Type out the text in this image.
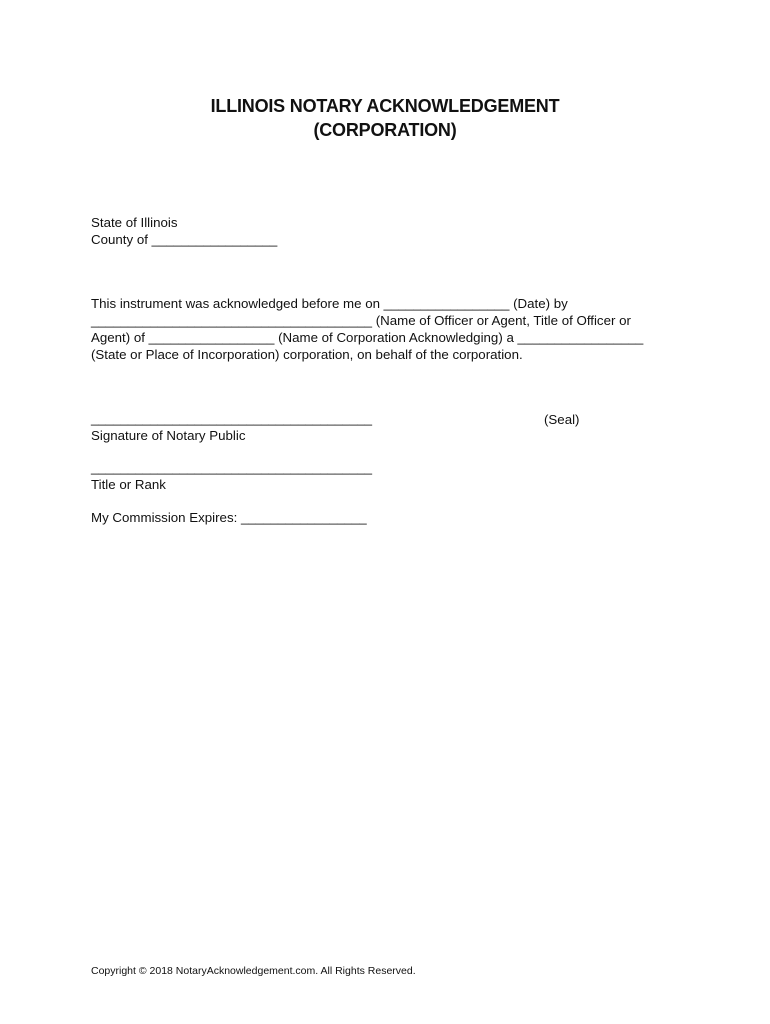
ILLINOIS NOTARY ACKNOWLEDGEMENT
(CORPORATION)
State of Illinois
County of _________________
This instrument was acknowledged before me on _________________ (Date) by
______________________________________ (Name of Officer or Agent, Title of Officer or
Agent) of _________________ (Name of Corporation Acknowledging) a _________________
(State or Place of Incorporation) corporation, on behalf of the corporation.
______________________________________	(Seal)
Signature of Notary Public
______________________________________
Title or Rank
My Commission Expires: _________________
Copyright © 2018 NotaryAcknowledgement.com. All Rights Reserved.
